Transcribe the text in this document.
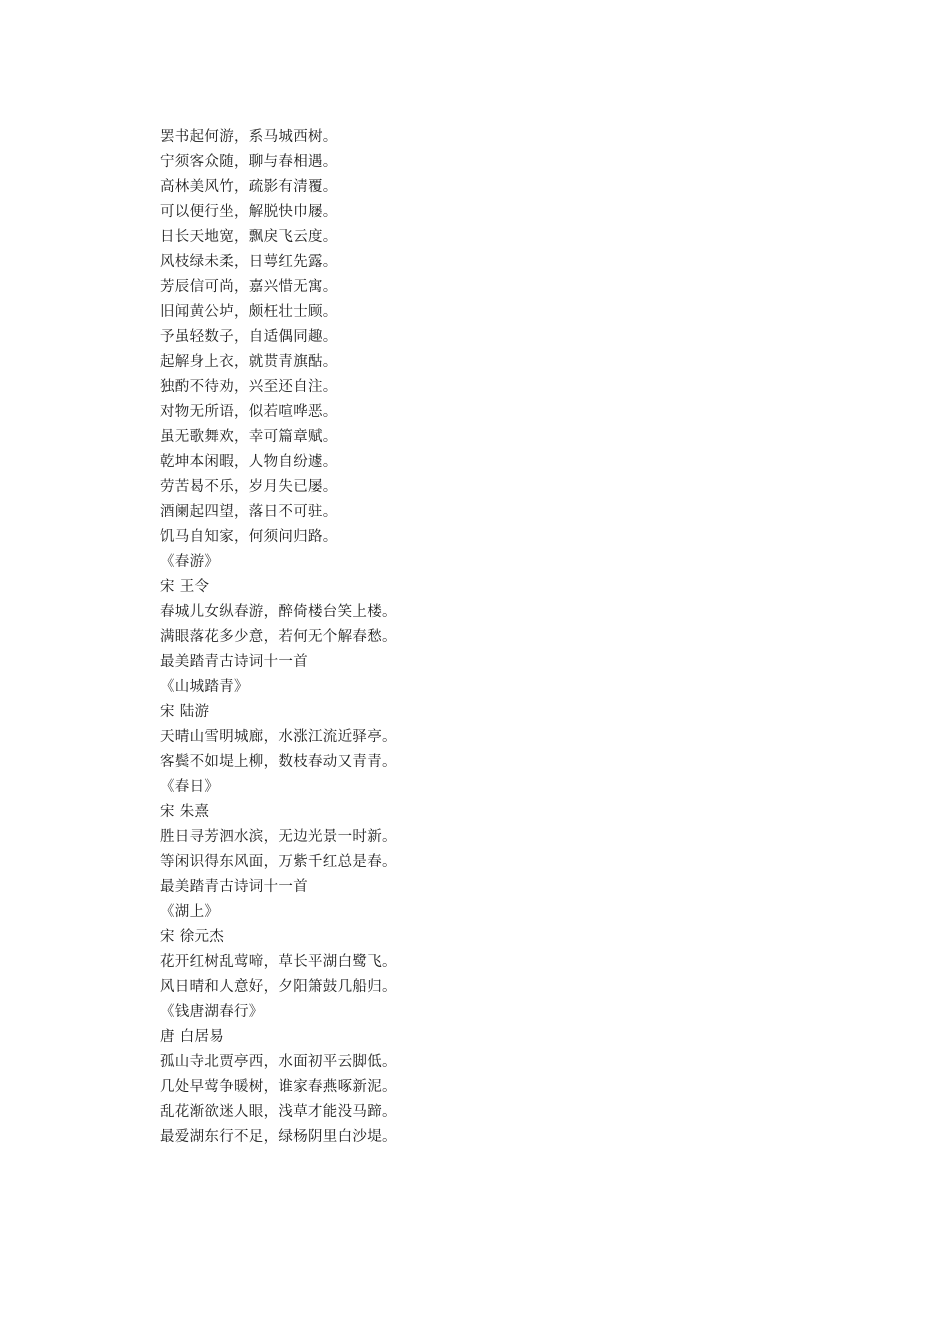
罢书起何游，系马城西树。
宁须客众随，聊与春相遇。
高林美风竹，疏影有清覆。
可以便行坐，解脱快巾屦。
日长天地宽，飘戾飞云度。
风枝绿未柔，日萼红先露。
芳辰信可尚，嘉兴惜无寓。
旧闻黄公垆，颇枉壮士顾。
予虽轻数子，自适偶同趣。
起解身上衣，就贳青旗酤。
独酌不待劝，兴至还自注。
对物无所语，似若喧哗恶。
虽无歌舞欢，幸可篇章赋。
乾坤本闲暇，人物自纷遽。
劳苦曷不乐，岁月失已屡。
酒阑起四望，落日不可驻。
饥马自知家，何须问归路。
《春游》
宋 王令
春城儿女纵春游，醉倚楼台笑上楼。
满眼落花多少意，若何无个解春愁。
最美踏青古诗词十一首
《山城踏青》
宋 陆游
天晴山雪明城廊，水涨江流近驿亭。
客鬓不如堤上柳，数枝春动又青青。
《春日》
宋 朱熹
胜日寻芳泗水滨，无边光景一时新。
等闲识得东风面，万紫千红总是春。
最美踏青古诗词十一首
《湖上》
宋 徐元杰
花开红树乱莺啼，草长平湖白鹭飞。
风日晴和人意好，夕阳箫鼓几船归。
《钱唐湖春行》
唐 白居易
孤山寺北贾亭西，水面初平云脚低。
几处早莺争暖树，谁家春燕啄新泥。
乱花渐欲迷人眼，浅草才能没马蹄。
最爱湖东行不足，绿杨阴里白沙堤。
